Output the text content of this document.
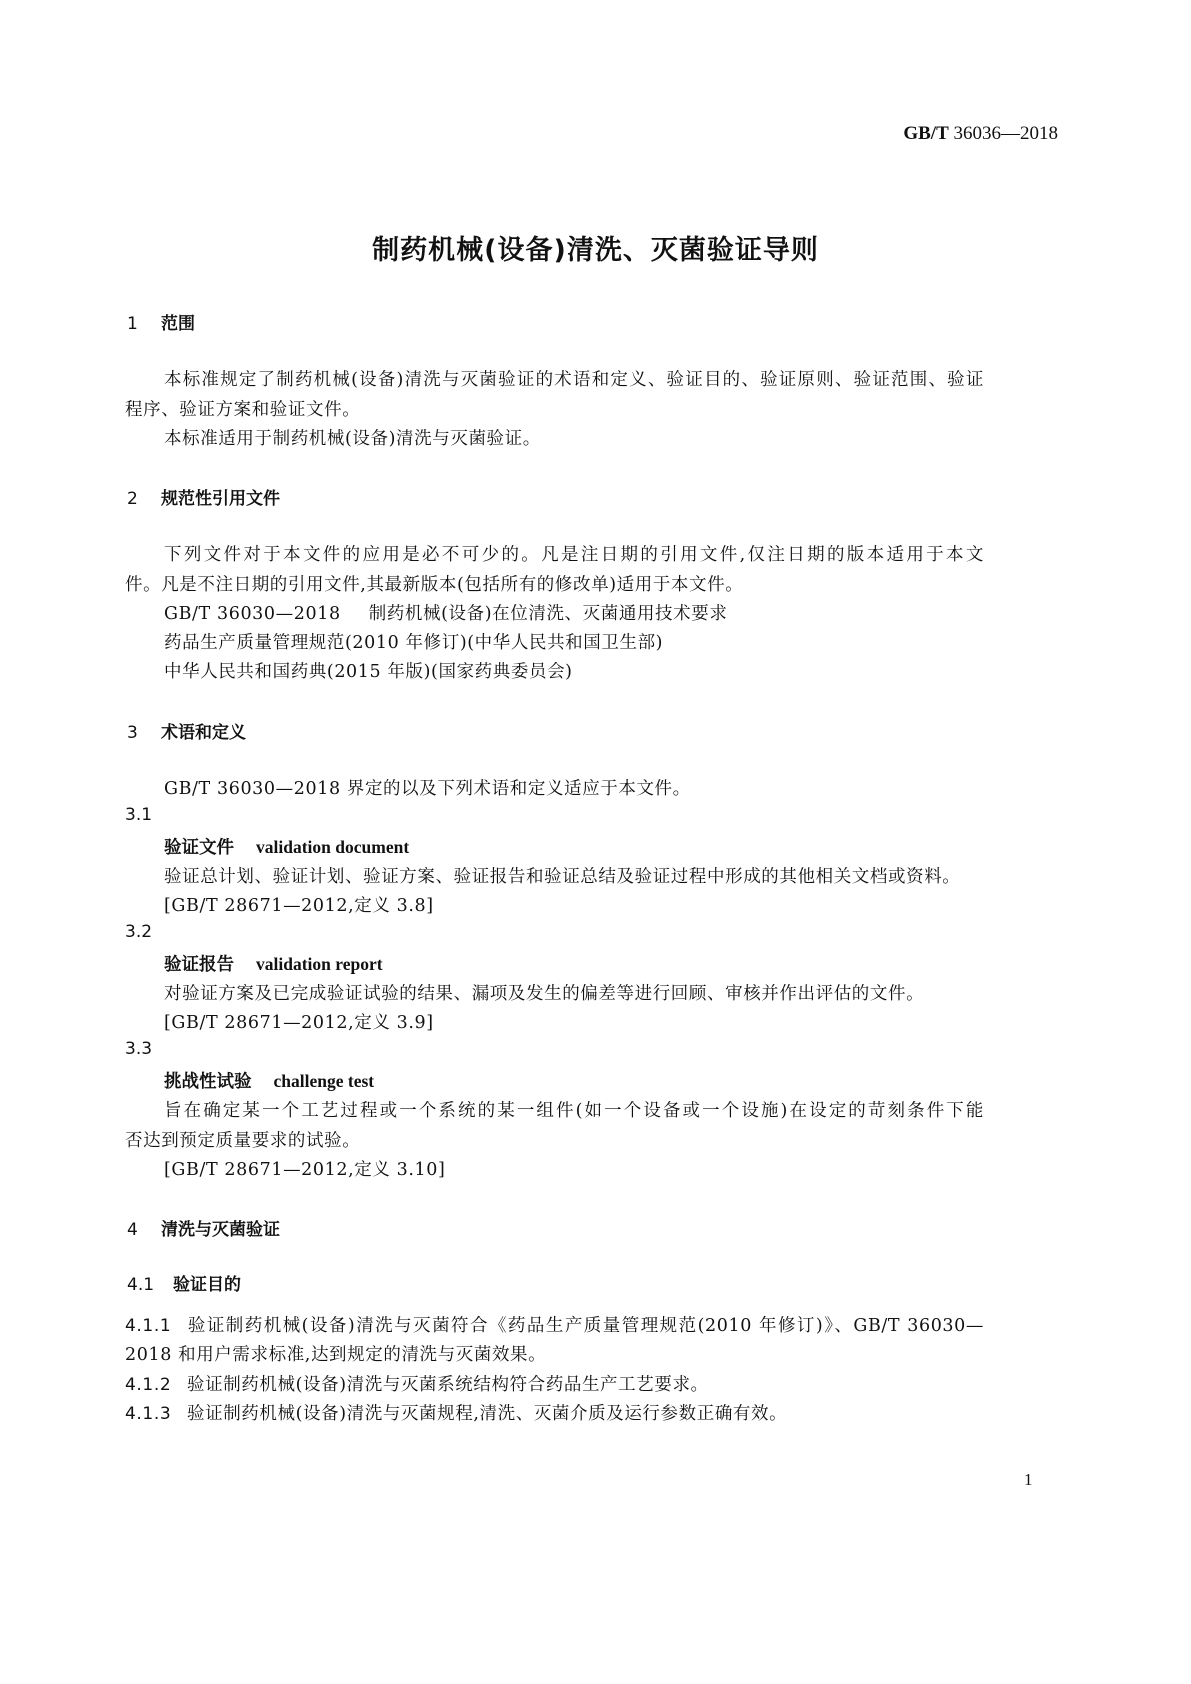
GB/T 36036—2018
制药机械(设备)清洗、灭菌验证导则
1 范围
本标准规定了制药机械(设备)清洗与灭菌验证的术语和定义、验证目的、验证原则、验证范围、验证
程序、验证方案和验证文件。
本标准适用于制药机械(设备)清洗与灭菌验证。
2 规范性引用文件
下列文件对于本文件的应用是必不可少的。凡是注日期的引用文件,仅注日期的版本适用于本文
件。凡是不注日期的引用文件,其最新版本(包括所有的修改单)适用于本文件。
GB/T 36030—2018 制药机械(设备)在位清洗、灭菌通用技术要求
药品生产质量管理规范(2010 年修订)(中华人民共和国卫生部)
中华人民共和国药典(2015 年版)(国家药典委员会)
3 术语和定义
GB/T 36030—2018 界定的以及下列术语和定义适应于本文件。
3.1
验证文件 validation document
验证总计划、验证计划、验证方案、验证报告和验证总结及验证过程中形成的其他相关文档或资料。
[GB/T 28671—2012,定义 3.8]
3.2
验证报告 validation report
对验证方案及已完成验证试验的结果、漏项及发生的偏差等进行回顾、审核并作出评估的文件。
[GB/T 28671—2012,定义 3.9]
3.3
挑战性试验 challenge test
旨在确定某一个工艺过程或一个系统的某一组件(如一个设备或一个设施)在设定的苛刻条件下能
否达到预定质量要求的试验。
[GB/T 28671—2012,定义 3.10]
4 清洗与灭菌验证
4.1 验证目的
4.1.1 验证制药机械(设备)清洗与灭菌符合《药品生产质量管理规范(2010 年修订)》、GB/T 36030—
2018 和用户需求标准,达到规定的清洗与灭菌效果。
4.1.2 验证制药机械(设备)清洗与灭菌系统结构符合药品生产工艺要求。
4.1.3 验证制药机械(设备)清洗与灭菌规程,清洗、灭菌介质及运行参数正确有效。
1
